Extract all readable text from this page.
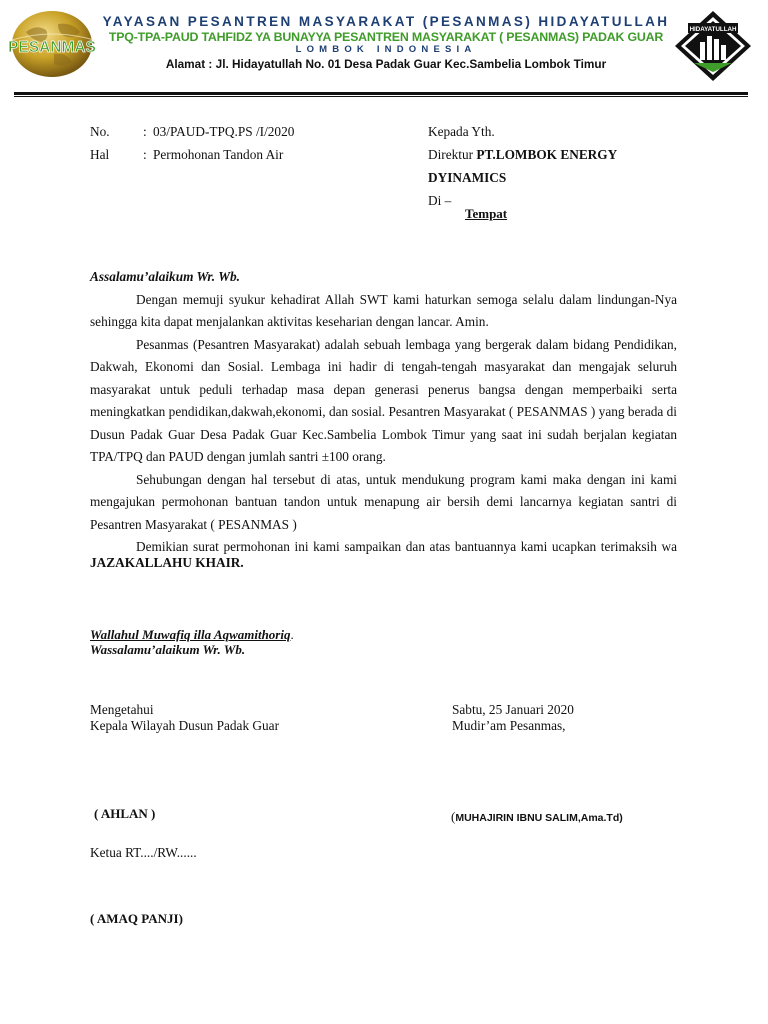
PESANMAS
YAYASAN PESANTREN MASYARAKAT (PESANMAS) HIDAYATULLAH
TPQ-TPA-PAUD TAHFIDZ YA BUNAYYA PESANTREN MASYARAKAT ( PESANMAS) PADAK GUAR
LOMBOK INDONESIA
Alamat : Jl. Hidayatullah No. 01 Desa Padak Guar Kec.Sambelia Lombok Timur
HIDAYATULLAH
No.	: 03/PAUD-TPQ.PS /I/2020
Hal	: Permohonan Tandon Air
Kepada Yth.
Direktur PT.LOMBOK ENERGY
DYINAMICS
Di –
Tempat

Assalamu’alaikum Wr. Wb.

Dengan memuji syukur kehadirat Allah SWT kami haturkan semoga selalu dalam lindungan-Nya sehingga kita dapat menjalankan aktivitas keseharian dengan lancar. Amin.

Pesanmas (Pesantren Masyarakat) adalah sebuah lembaga yang bergerak dalam bidang Pendidikan, Dakwah, Ekonomi dan Sosial. Lembaga ini hadir di tengah-tengah masyarakat dan mengajak seluruh masyarakat untuk peduli terhadap masa depan generasi penerus bangsa dengan memperbaiki serta meningkatkan pendidikan,dakwah,ekonomi, dan sosial. Pesantren Masyarakat ( PESANMAS ) yang berada di Dusun Padak Guar Desa Padak Guar Kec.Sambelia Lombok Timur yang saat ini sudah berjalan kegiatan TPA/TPQ dan PAUD dengan jumlah santri ±100 orang.

Sehubungan dengan hal tersebut di atas, untuk mendukung program kami maka dengan ini kami mengajukan permohonan bantuan tandon untuk menapung air bersih demi lancarnya kegiatan santri di Pesantren Masyarakat ( PESANMAS )

Demikian surat permohonan ini kami sampaikan dan atas bantuannya kami ucapkan terimaksih wa JAZAKALLAHU KHAIR.

Wallahul Muwafiq illa Aqwamithoriq.
Wassalamu’alaikum Wr. Wb.
Mengetahui
Kepala Wilayah Dusun Padak Guar
Sabtu, 25 Januari 2020
Mudir’am Pesanmas,
( AHLAN )	(MUHAJIRIN IBNU SALIM,Ama.Td)
Ketua RT..../RW......
( AMAQ PANJI)
